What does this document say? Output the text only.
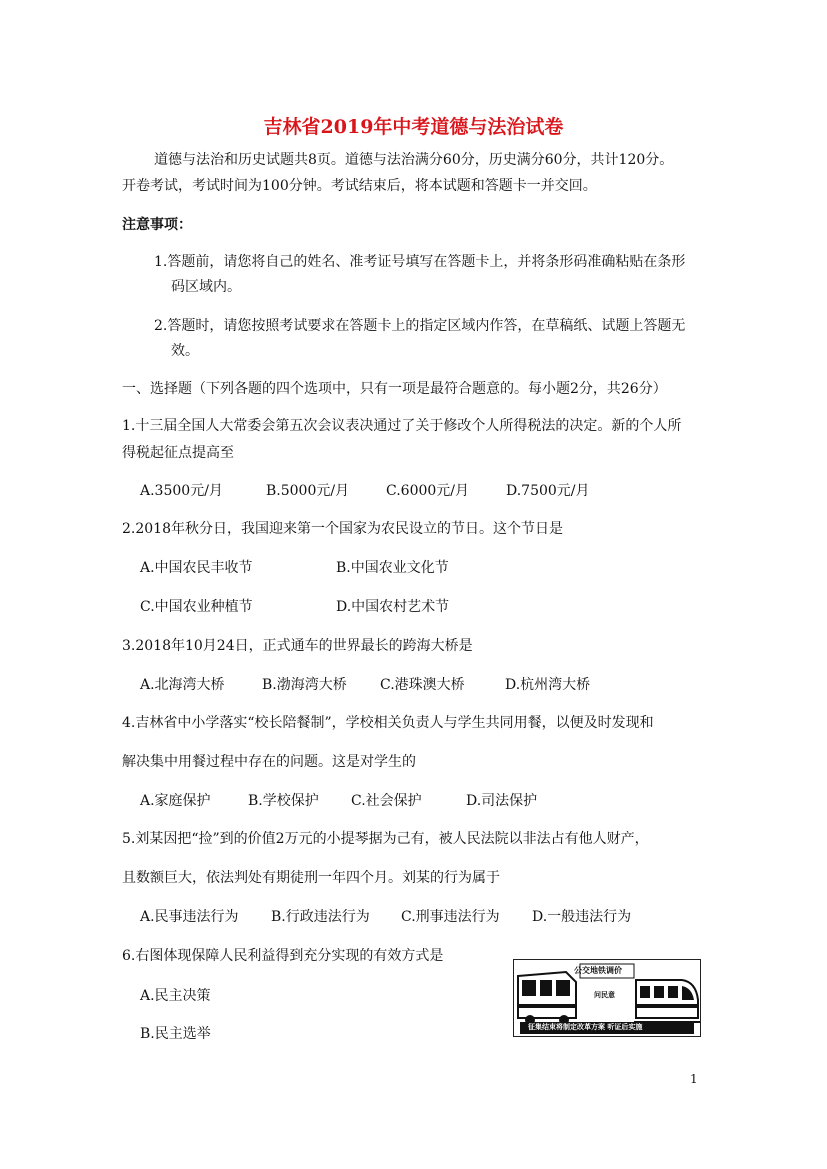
吉林省2019年中考道德与法治试卷
道德与法治和历史试题共8页。道德与法治满分60分，历史满分60分，共计120分。
开卷考试，考试时间为100分钟。考试结束后，将本试题和答题卡一并交回。
注意事项：
1.答题前，请您将自己的姓名、准考证号填写在答题卡上，并将条形码准确粘贴在条形
码区域内。
2.答题时，请您按照考试要求在答题卡上的指定区域内作答，在草稿纸、试题上答题无
效。
一、选择题（下列各题的四个选项中，只有一项是最符合题意的。每小题2分，共26分）
1.十三届全国人大常委会第五次会议表决通过了关于修改个人所得税法的决定。新的个人所
得税起征点提高至
A.3500元/月	B.5000元/月	C.6000元/月	D.7500元/月
2.2018年秋分日，我国迎来第一个国家为农民设立的节日。这个节日是
A.中国农民丰收节	B.中国农业文化节
C.中国农业种植节	D.中国农村艺术节
3.2018年10月24日，正式通车的世界最长的跨海大桥是
A.北海湾大桥	B.渤海湾大桥 C.港珠澳大桥	D.杭州湾大桥
4.吉林省中小学落实“校长陪餐制”，学校相关负责人与学生共同用餐，以便及时发现和
解决集中用餐过程中存在的问题。这是对学生的
A.家庭保护	B.学校保护 C.社会保护	D.司法保护
5.刘某因把“捡”到的价值2万元的小提琴据为己有，被人民法院以非法占有他人财产，
且数额巨大，依法判处有期徒刑一年四个月。刘某的行为属于
A.民事违法行为 B.行政违法行为 C.刑事违法行为 D.一般违法行为
6.右图体现保障人民利益得到充分实现的有效方式是
A.民主决策
B.民主选举
公交地铁调价
问民意
征集结束将制定改革方案 听证后实施
1
